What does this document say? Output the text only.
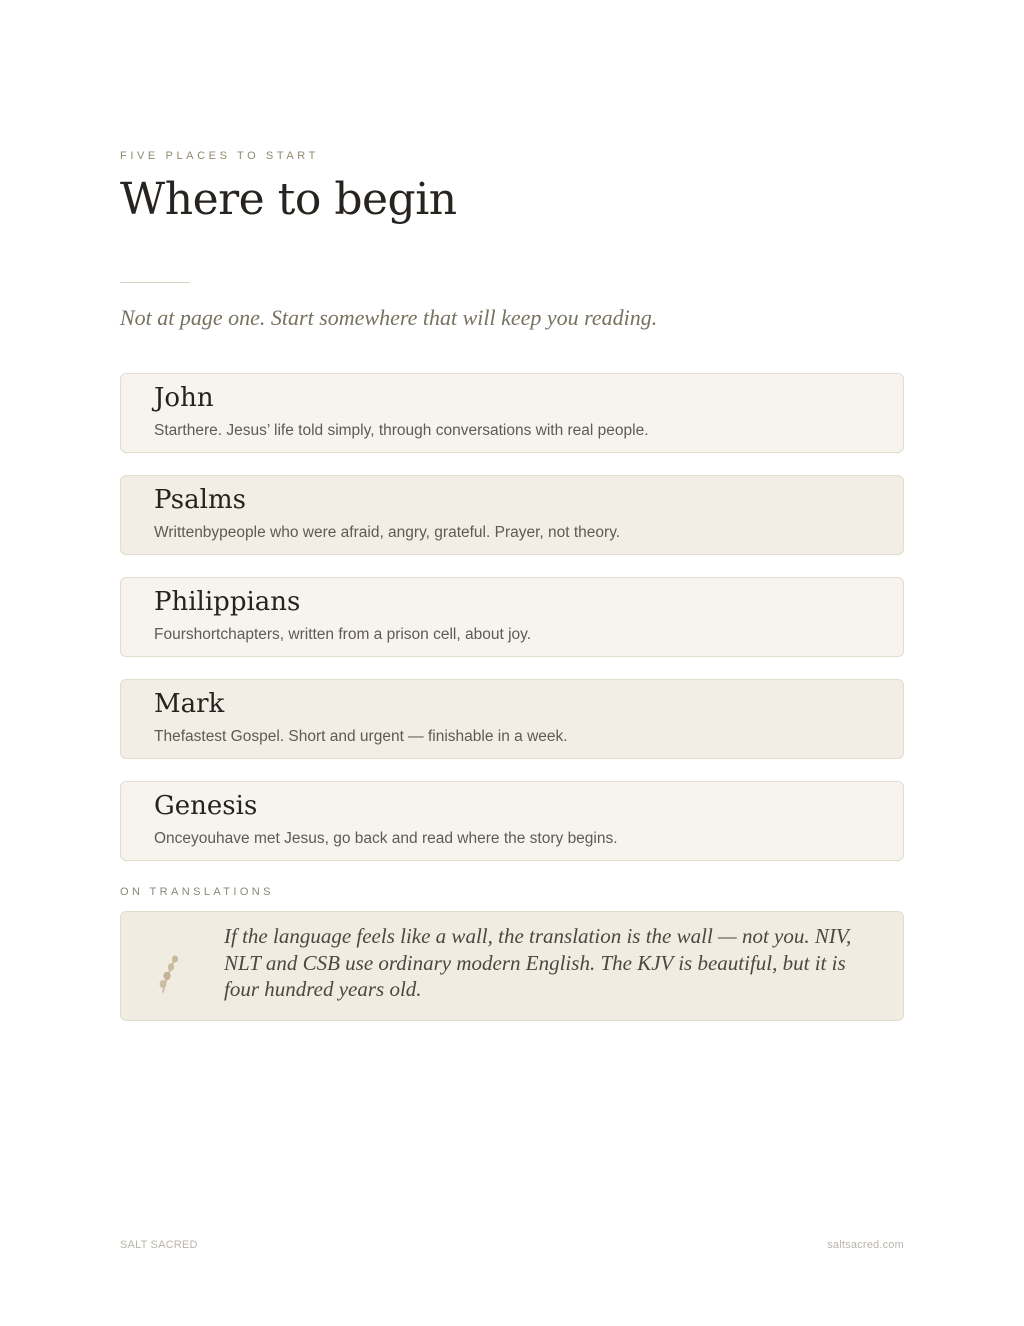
FIVE PLACES TO START
Where to begin
Not at page one. Start somewhere that will keep you reading.
John
Starthere. Jesus’ life told simply, through conversations with real people.
Psalms
Writtenbypeople who were afraid, angry, grateful. Prayer, not theory.
Philippians
Fourshortchapters, written from a prison cell, about joy.
Mark
Thefastest Gospel. Short and urgent — finishable in a week.
Genesis
Onceyouhave met Jesus, go back and read where the story begins.
ON TRANSLATIONS
If the language feels like a wall, the translation is the wall — not you. NIV, NLT and CSB use ordinary modern English. The KJV is beautiful, but it is four hundred years old.
SALT SACRED	saltsacred.com
